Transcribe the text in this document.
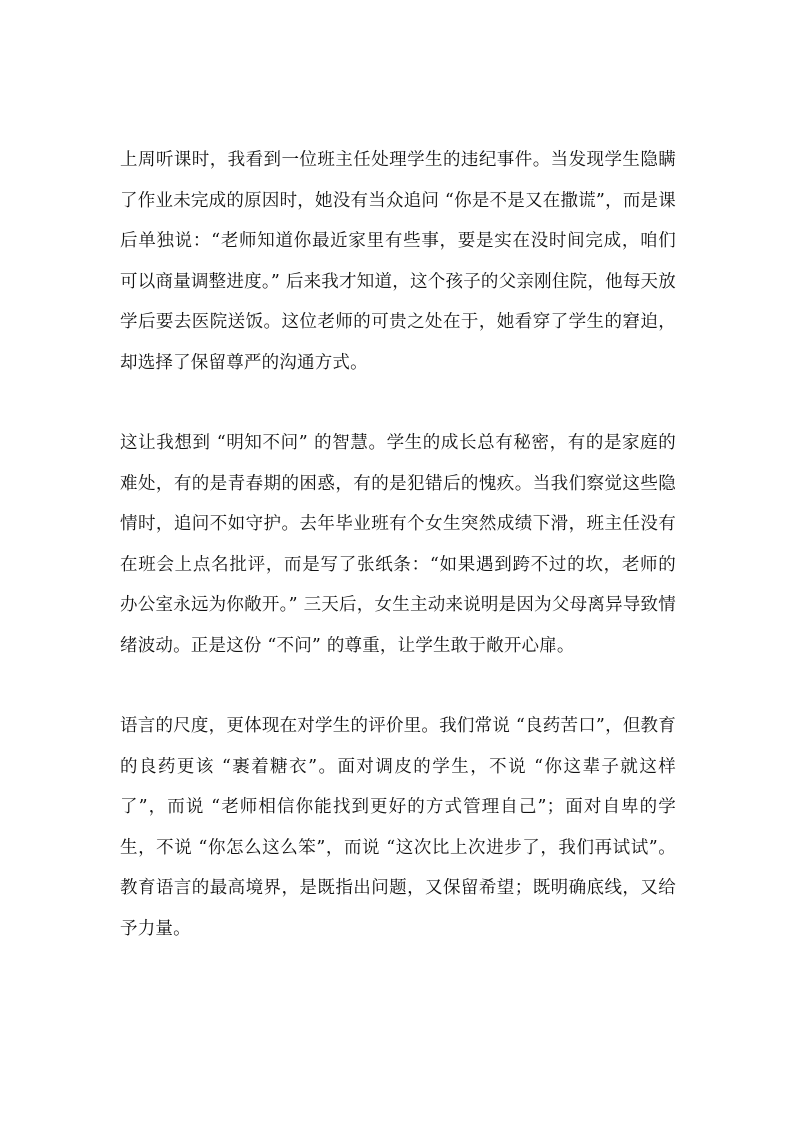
上周听课时，我看到一位班主任处理学生的违纪事件。当发现学生隐瞒了作业未完成的原因时，她没有当众追问 “你是不是又在撒谎”，而是课后单独说：“老师知道你最近家里有些事，要是实在没时间完成，咱们可以商量调整进度。” 后来我才知道，这个孩子的父亲刚住院，他每天放学后要去医院送饭。这位老师的可贵之处在于，她看穿了学生的窘迫，却选择了保留尊严的沟通方式。

这让我想到 “明知不问” 的智慧。学生的成长总有秘密，有的是家庭的难处，有的是青春期的困惑，有的是犯错后的愧疚。当我们察觉这些隐情时，追问不如守护。去年毕业班有个女生突然成绩下滑，班主任没有在班会上点名批评，而是写了张纸条：“如果遇到跨不过的坎，老师的办公室永远为你敞开。” 三天后，女生主动来说明是因为父母离异导致情绪波动。正是这份 “不问” 的尊重，让学生敢于敞开心扉。

语言的尺度，更体现在对学生的评价里。我们常说 “良药苦口”，但教育的良药更该 “裹着糖衣”。面对调皮的学生，不说 “你这辈子就这样了”，而说 “老师相信你能找到更好的方式管理自己”；面对自卑的学生，不说 “你怎么这么笨”，而说 “这次比上次进步了，我们再试试”。教育语言的最高境界，是既指出问题，又保留希望；既明确底线，又给予力量。
